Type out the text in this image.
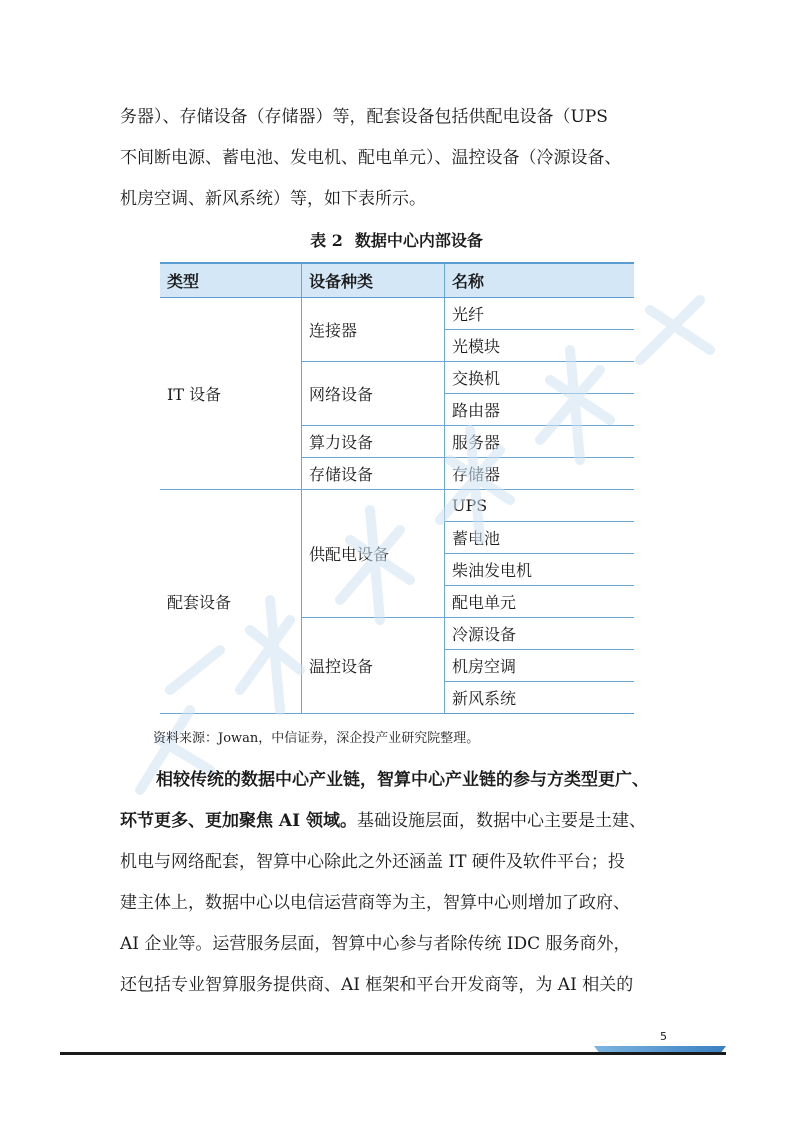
务器）、存储设备（存储器）等，配套设备包括供配电设备（UPS
不间断电源、蓄电池、发电机、配电单元）、温控设备（冷源设备、
机房空调、新风系统）等，如下表所示。

表 2 数据中心内部设备

类型	设备种类	名称
IT 设备	连接器	光纤
		光模块
	网络设备	交换机
		路由器
	算力设备	服务器
	存储设备	存储器
配套设备	供配电设备	UPS
		蓄电池
		柴油发电机
		配电单元
	温控设备	冷源设备
		机房空调
		新风系统

资料来源：Jowan，中信证券，深企投产业研究院整理。

相较传统的数据中心产业链，智算中心产业链的参与方类型更广、
环节更多、更加聚焦 AI 领域。基础设施层面，数据中心主要是土建、
机电与网络配套，智算中心除此之外还涵盖 IT 硬件及软件平台；投
建主体上，数据中心以电信运营商等为主，智算中心则增加了政府、
AI 企业等。运营服务层面，智算中心参与者除传统 IDC 服务商外，
还包括专业智算服务提供商、AI 框架和平台开发商等，为 AI 相关的

5
